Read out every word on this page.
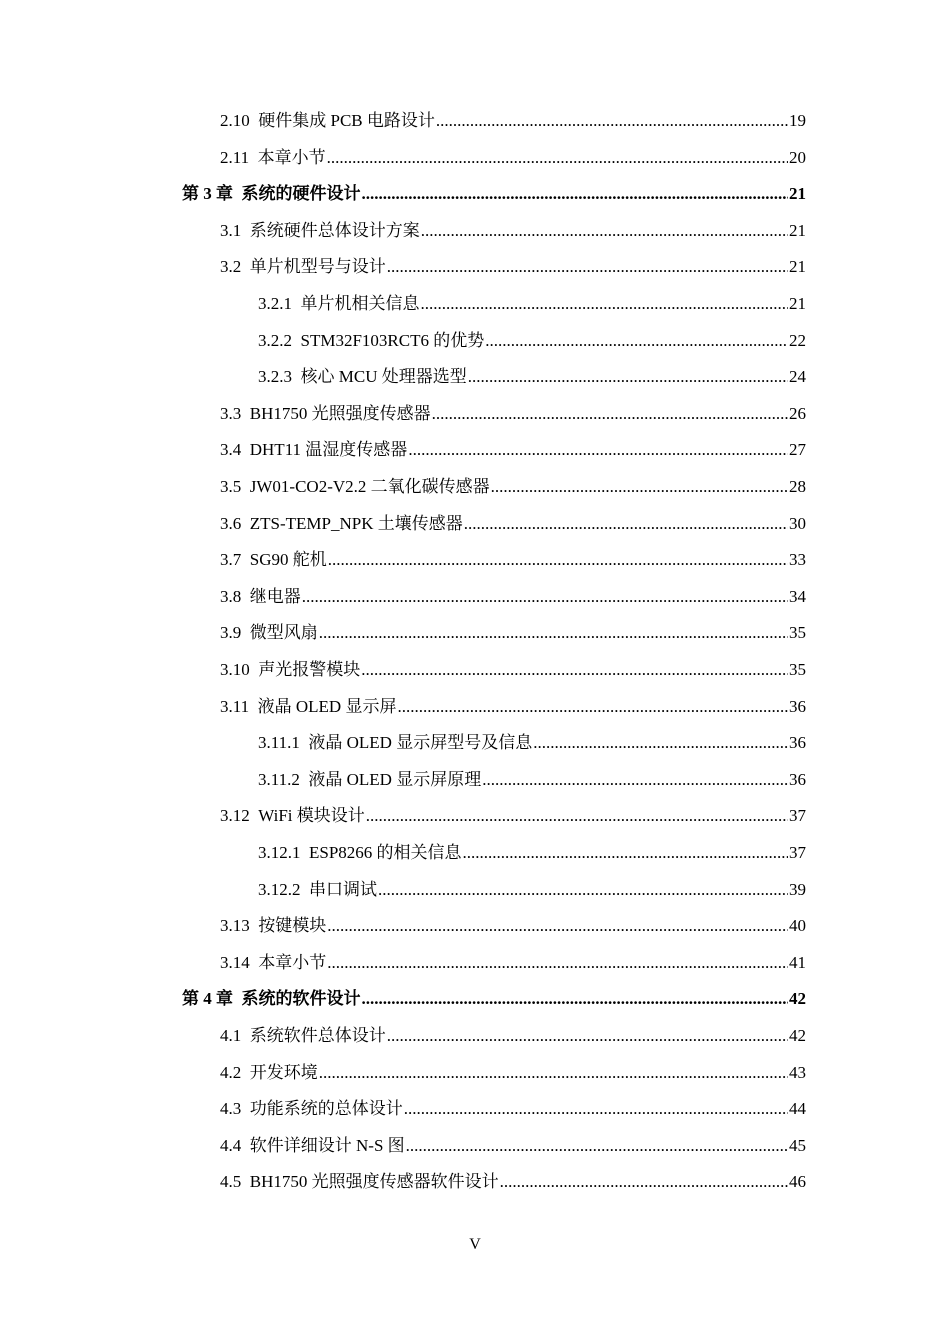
2.10 硬件集成 PCB 电路设计 .....	19
2.11 本章小节 .....	20
第 3 章 系统的硬件设计 .....	21
3.1 系统硬件总体设计方案 .....	21
3.2 单片机型号与设计 .....	21
3.2.1 单片机相关信息 .....	21
3.2.2 STM32F103RCT6 的优势 .....	22
3.2.3 核心 MCU 处理器选型 .....	24
3.3 BH1750 光照强度传感器 .....	26
3.4 DHT11 温湿度传感器 .....	27
3.5 JW01-CO2-V2.2 二氧化碳传感器 .....	28
3.6 ZTS-TEMP_NPK 土壤传感器 .....	30
3.7 SG90 舵机 .....	33
3.8 继电器 .....	34
3.9 微型风扇 .....	35
3.10 声光报警模块 .....	35
3.11 液晶 OLED 显示屏 .....	36
3.11.1 液晶 OLED 显示屏型号及信息 .....	36
3.11.2 液晶 OLED 显示屏原理 .....	36
3.12 WiFi 模块设计 .....	37
3.12.1 ESP8266 的相关信息 .....	37
3.12.2 串口调试 .....	39
3.13 按键模块 .....	40
3.14 本章小节 .....	41
第 4 章 系统的软件设计 .....	42
4.1 系统软件总体设计 .....	42
4.2 开发环境 .....	43
4.3 功能系统的总体设计 .....	44
4.4 软件详细设计 N-S 图 .....	45
4.5 BH1750 光照强度传感器软件设计 .....	46
V
